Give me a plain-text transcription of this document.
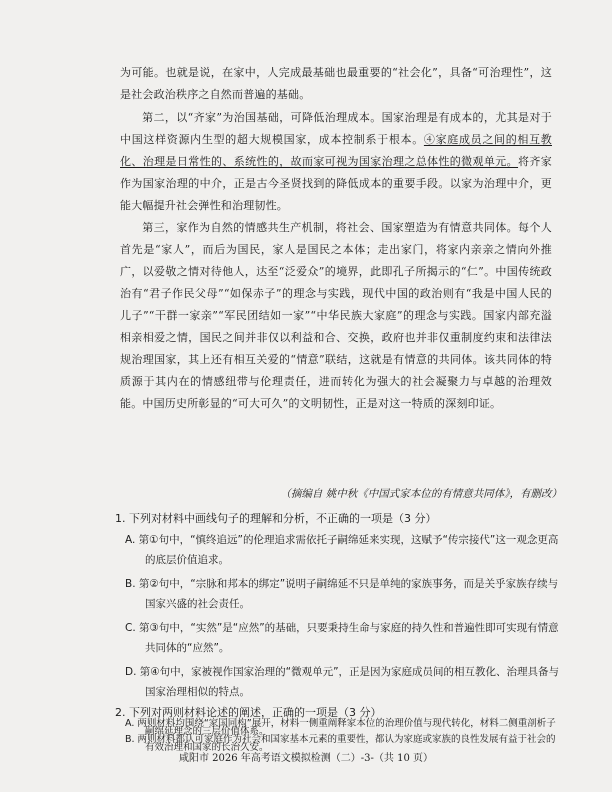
为可能。也就是说，在家中，人完成最基础也最重要的“社会化”，具备“可治理性”，这是社会政治秩序之自然而普遍的基础。

第二，以“齐家”为治国基础，可降低治理成本。国家治理是有成本的，尤其是对于中国这样资源内生型的超大规模国家，成本控制系于根本。④家庭成员之间的相互教化、治理是日常性的、系统性的，故而家可视为国家治理之总体性的微观单元。将齐家作为国家治理的中介，正是古今圣贤找到的降低成本的重要手段。以家为治理中介，更能大幅提升社会弹性和治理韧性。

第三，家作为自然的情感共生产机制，将社会、国家塑造为有情意共同体。每个人首先是“家人”，而后为国民，家人是国民之本体；走出家门，将家内亲亲之情向外推广，以爱敬之情对待他人，达至“泛爱众”的境界，此即孔子所揭示的“仁”。中国传统政治有“君子作民父母”“如保赤子”的理念与实践，现代中国的政治则有“我是中国人民的儿子”“干群一家亲”“军民团结如一家”“中华民族大家庭”的理念与实践。国家内部充溢相亲相爱之情，国民之间并非仅以利益和合、交换，政府也并非仅重制度约束和法律法规治理国家，其上还有相互关爱的“情意”联结，这就是有情意的共同体。该共同体的特质源于其内在的情感纽带与伦理责任，进而转化为强大的社会凝聚力与卓越的治理效能。中国历史所彰显的“可大可久”的文明韧性，正是对这一特质的深刻印证。

（摘编自 姚中秋《中国式家本位的有情意共同体》，有删改）
1. 下列对材料中画线句子的理解和分析，不正确的一项是（3 分）
A. 第①句中，“慎终追远”的伦理追求需依托子嗣绵延来实现，这赋予“传宗接代”这一观念更高的底层价值追求。
B. 第②句中，“宗脉和邦本的绑定”说明子嗣绵延不只是单纯的家族事务，而是关乎家族存续与国家兴盛的社会责任。
C. 第③句中，“实然”是“应然”的基础，只要秉持生命与家庭的持久性和普遍性即可实现有情意共同体的“应然”。
D. 第④句中，家被视作国家治理的“微观单元”，正是因为家庭成员间的相互教化、治理具备与国家治理相似的特点。
2. 下列对两则材料论述的阐述，正确的一项是（3 分）
咸阳市 2026 年高考语文模拟检测（二）-3-（共 10 页）
A. 两则材料均围绕“家国同构”展开，材料一侧重阐释家本位的治理价值与现代转化，材料二侧重剖析子嗣绵延理念的三层价值体系。
B. 两则材料都认可家庭作为社会和国家基本元素的重要性，都认为家庭或家族的良性发展有益于社会的有效治理和国家的长治久安。
